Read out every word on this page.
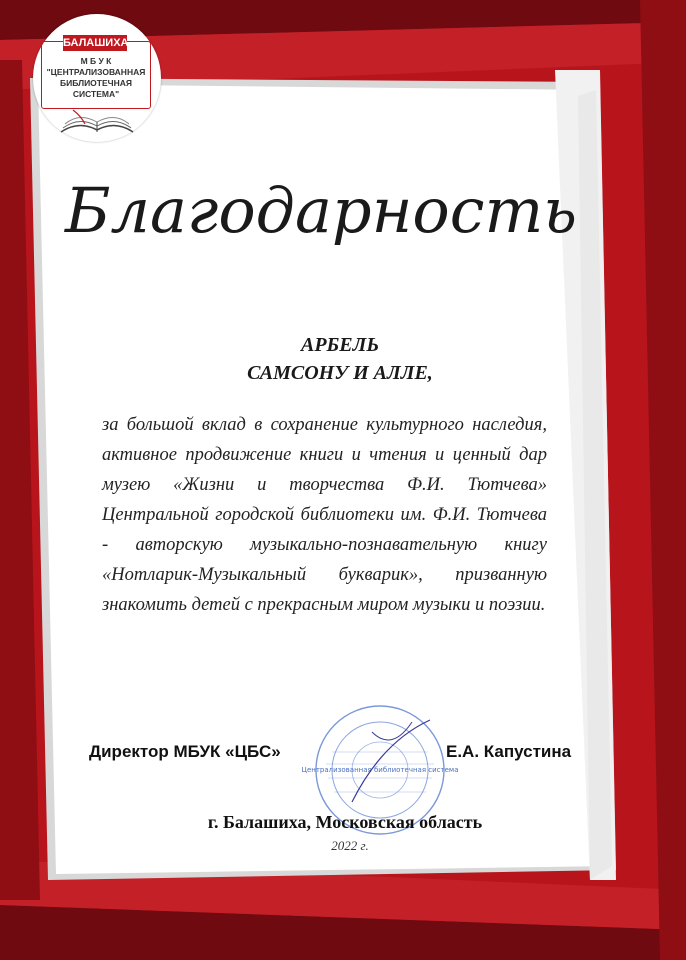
БАЛАШИХА
М Б У К
"ЦЕНТРАЛИЗОВАННАЯ
БИБЛИОТЕЧНАЯ
СИСТЕМА"
Благодарность
АРБЕЛЬ
САМСОНУ И АЛЛЕ,
за большой вклад в сохранение культурного наследия, активное продвижение книги и чтения и ценный дар музею «Жизни и творчества Ф.И. Тютчева» Центральной городской библиотеки им. Ф.И. Тютчева - авторскую музыкально-познавательную книгу «Нотларик-Музыкальный букварик», призванную знакомить детей с прекрасным миром музыки и поэзии.
Централизованная библиотечная система
Директор МБУК «ЦБС»	Е.А. Капустина
г. Балашиха, Московская область
2022 г.
